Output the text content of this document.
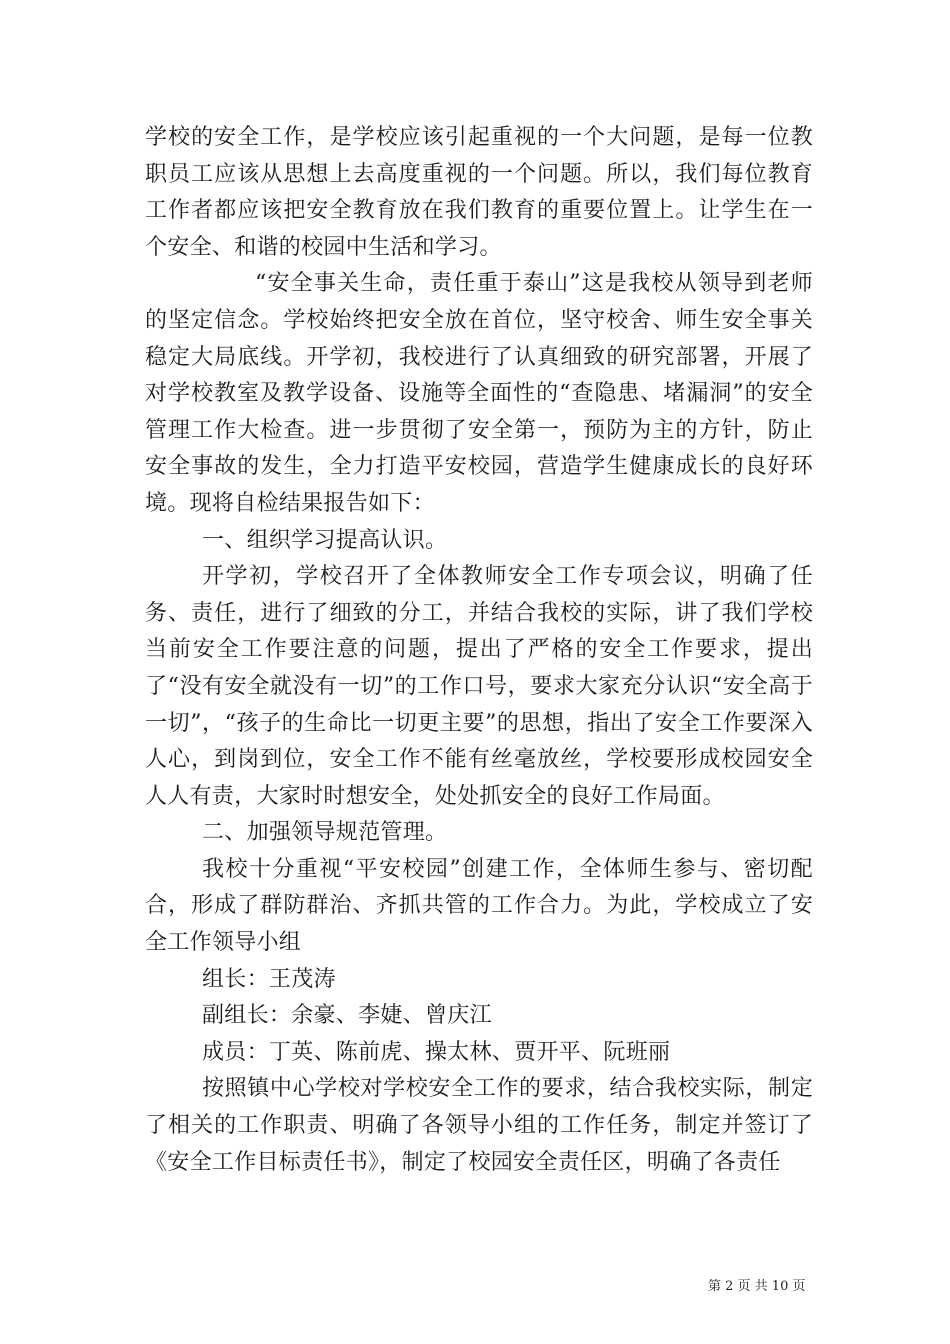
学校的安全工作，是学校应该引起重视的一个大问题，是每一位教职员工应该从思想上去高度重视的一个问题。所以，我们每位教育工作者都应该把安全教育放在我们教育的重要位置上。让学生在一个安全、和谐的校园中生活和学习。

“安全事关生命，责任重于泰山”这是我校从领导到老师的坚定信念。学校始终把安全放在首位，坚守校舍、师生安全事关稳定大局底线。开学初，我校进行了认真细致的研究部署，开展了对学校教室及教学设备、设施等全面性的“查隐患、堵漏洞”的安全管理工作大检查。进一步贯彻了安全第一，预防为主的方针，防止安全事故的发生，全力打造平安校园，营造学生健康成长的良好环境。现将自检结果报告如下：

一、组织学习提高认识。

开学初，学校召开了全体教师安全工作专项会议，明确了任务、责任，进行了细致的分工，并结合我校的实际，讲了我们学校当前安全工作要注意的问题，提出了严格的安全工作要求，提出了“没有安全就没有一切”的工作口号，要求大家充分认识“安全高于一切”，“孩子的生命比一切更主要”的思想，指出了安全工作要深入人心，到岗到位，安全工作不能有丝毫放丝，学校要形成校园安全人人有责，大家时时想安全，处处抓安全的良好工作局面。

二、加强领导规范管理。

我校十分重视“平安校园”创建工作，全体师生参与、密切配合，形成了群防群治、齐抓共管的工作合力。为此，学校成立了安全工作领导小组

组长：王茂涛

副组长：余豪、李婕、曾庆江

成员：丁英、陈前虎、操太林、贾开平、阮班丽

按照镇中心学校对学校安全工作的要求，结合我校实际，制定了相关的工作职责、明确了各领导小组的工作任务，制定并签订了《安全工作目标责任书》，制定了校园安全责任区，明确了各责任

第 2 页 共 10 页
